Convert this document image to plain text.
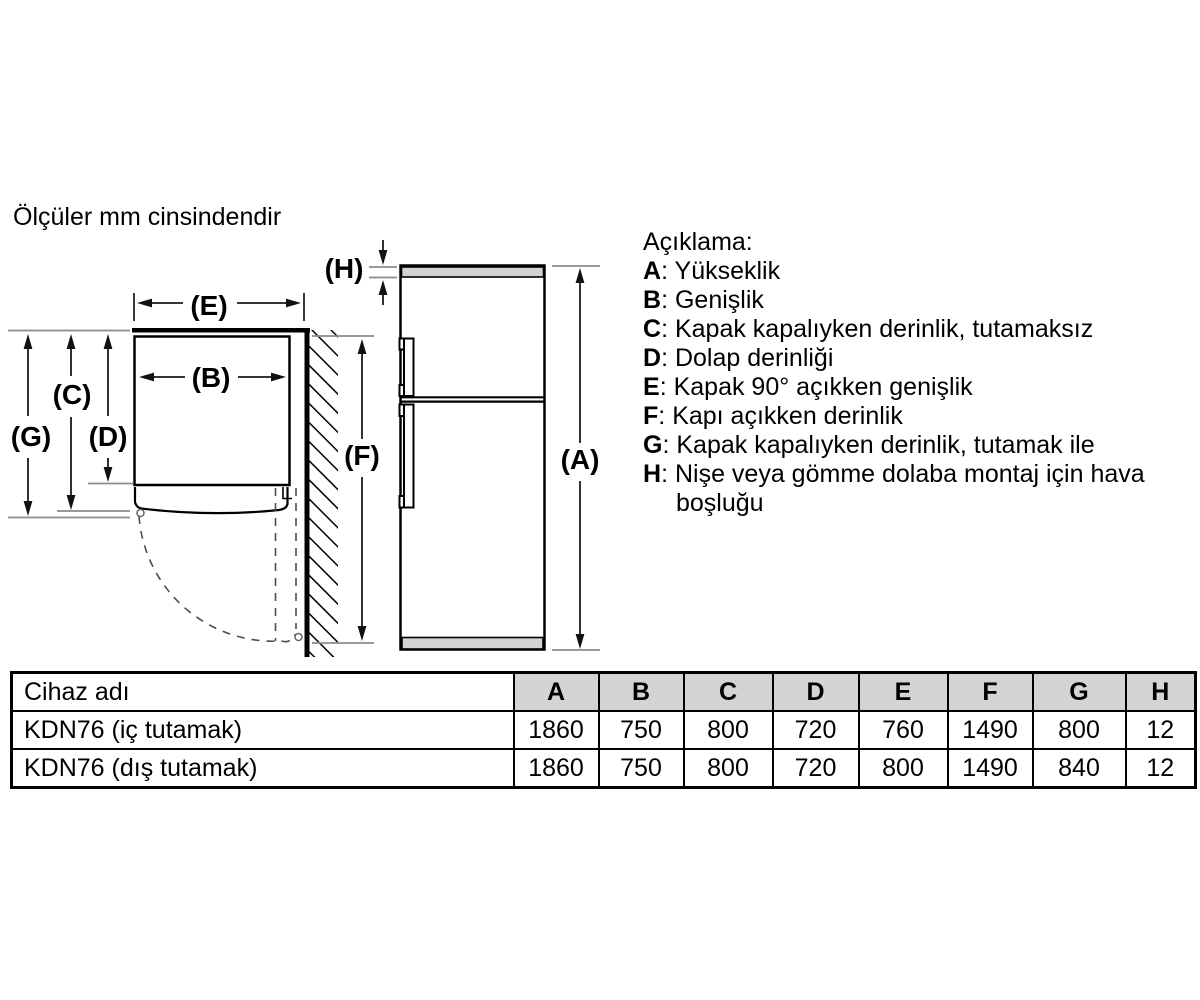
(E)
(B)
(G)
(C)
(D)
(F)
(H)
(A)
Ölçüler mm cinsindendir
Açıklama:
A: Yükseklik
B: Genişlik
C: Kapak kapalıyken derinlik, tutamaksız
D: Dolap derinliği
E: Kapak 90° açıkken genişlik
F: Kapı açıkken derinlik
G: Kapak kapalıyken derinlik, tutamak ile
H: Nişe veya gömme dolaba montaj için hava boşluğu
Cihaz adı	A	B	C	D	E	F	G	H
KDN76 (iç tutamak)	1860	750	800	720	760	1490	800	12
KDN76 (dış tutamak)	1860	750	800	720	800	1490	840	12
